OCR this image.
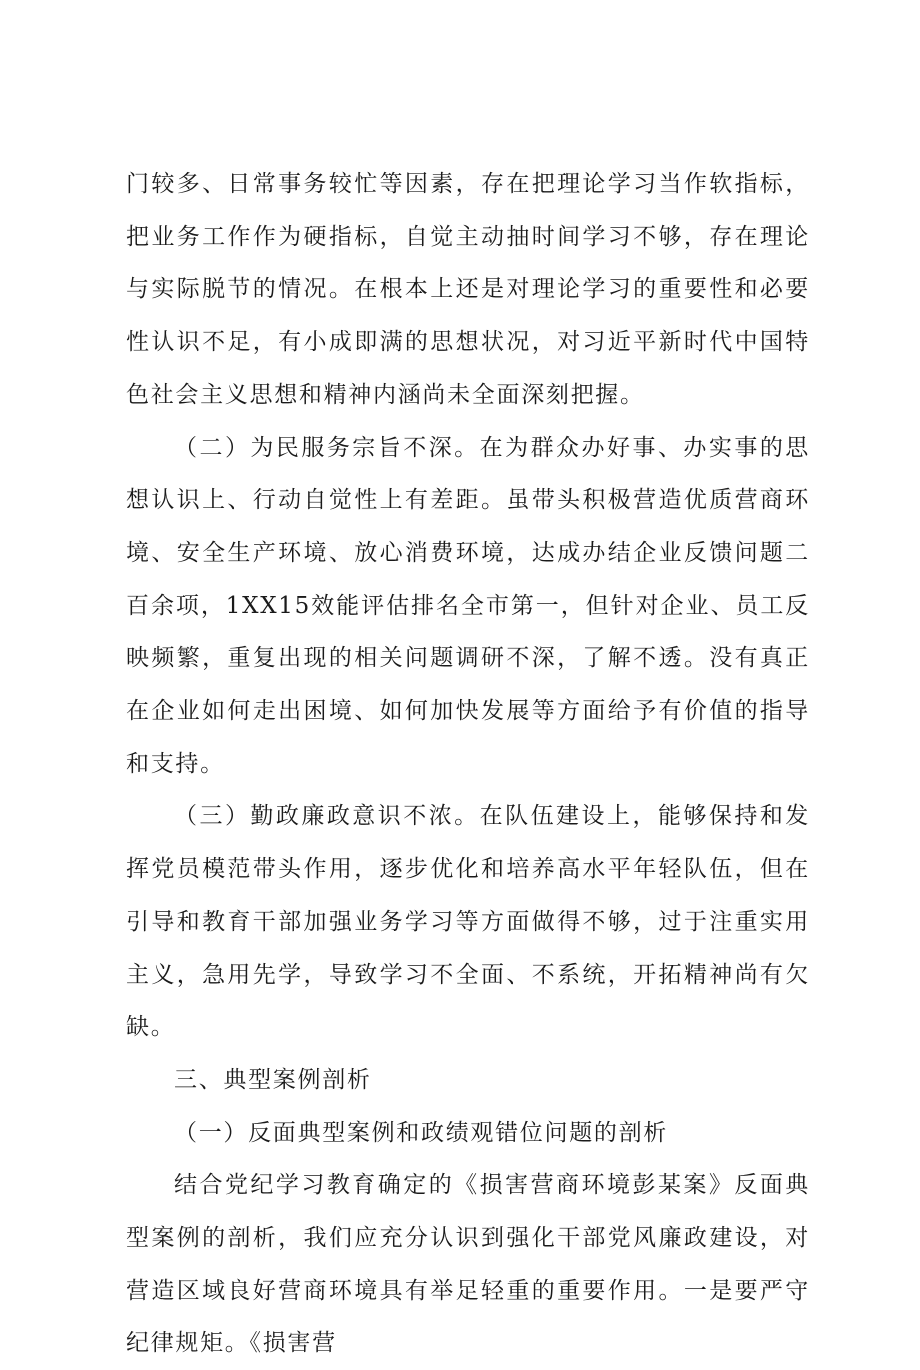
门较多、日常事务较忙等因素，存在把理论学习当作软指标，把业务工作作为硬指标，自觉主动抽时间学习不够，存在理论与实际脱节的情况。在根本上还是对理论学习的重要性和必要性认识不足，有小成即满的思想状况，对习近平新时代中国特色社会主义思想和精神内涵尚未全面深刻把握。

（二）为民服务宗旨不深。在为群众办好事、办实事的思想认识上、行动自觉性上有差距。虽带头积极营造优质营商环境、安全生产环境、放心消费环境，达成办结企业反馈问题二百余项，1XX15效能评估排名全市第一，但针对企业、员工反映频繁，重复出现的相关问题调研不深，了解不透。没有真正在企业如何走出困境、如何加快发展等方面给予有价值的指导和支持。

（三）勤政廉政意识不浓。在队伍建设上，能够保持和发挥党员模范带头作用，逐步优化和培养高水平年轻队伍，但在引导和教育干部加强业务学习等方面做得不够，过于注重实用主义，急用先学，导致学习不全面、不系统，开拓精神尚有欠缺。

三、典型案例剖析

（一）反面典型案例和政绩观错位问题的剖析

结合党纪学习教育确定的《损害营商环境彭某案》反面典型案例的剖析，我们应充分认识到强化干部党风廉政建设，对营造区域良好营商环境具有举足轻重的重要作用。一是要严守纪律规矩。《损害营
